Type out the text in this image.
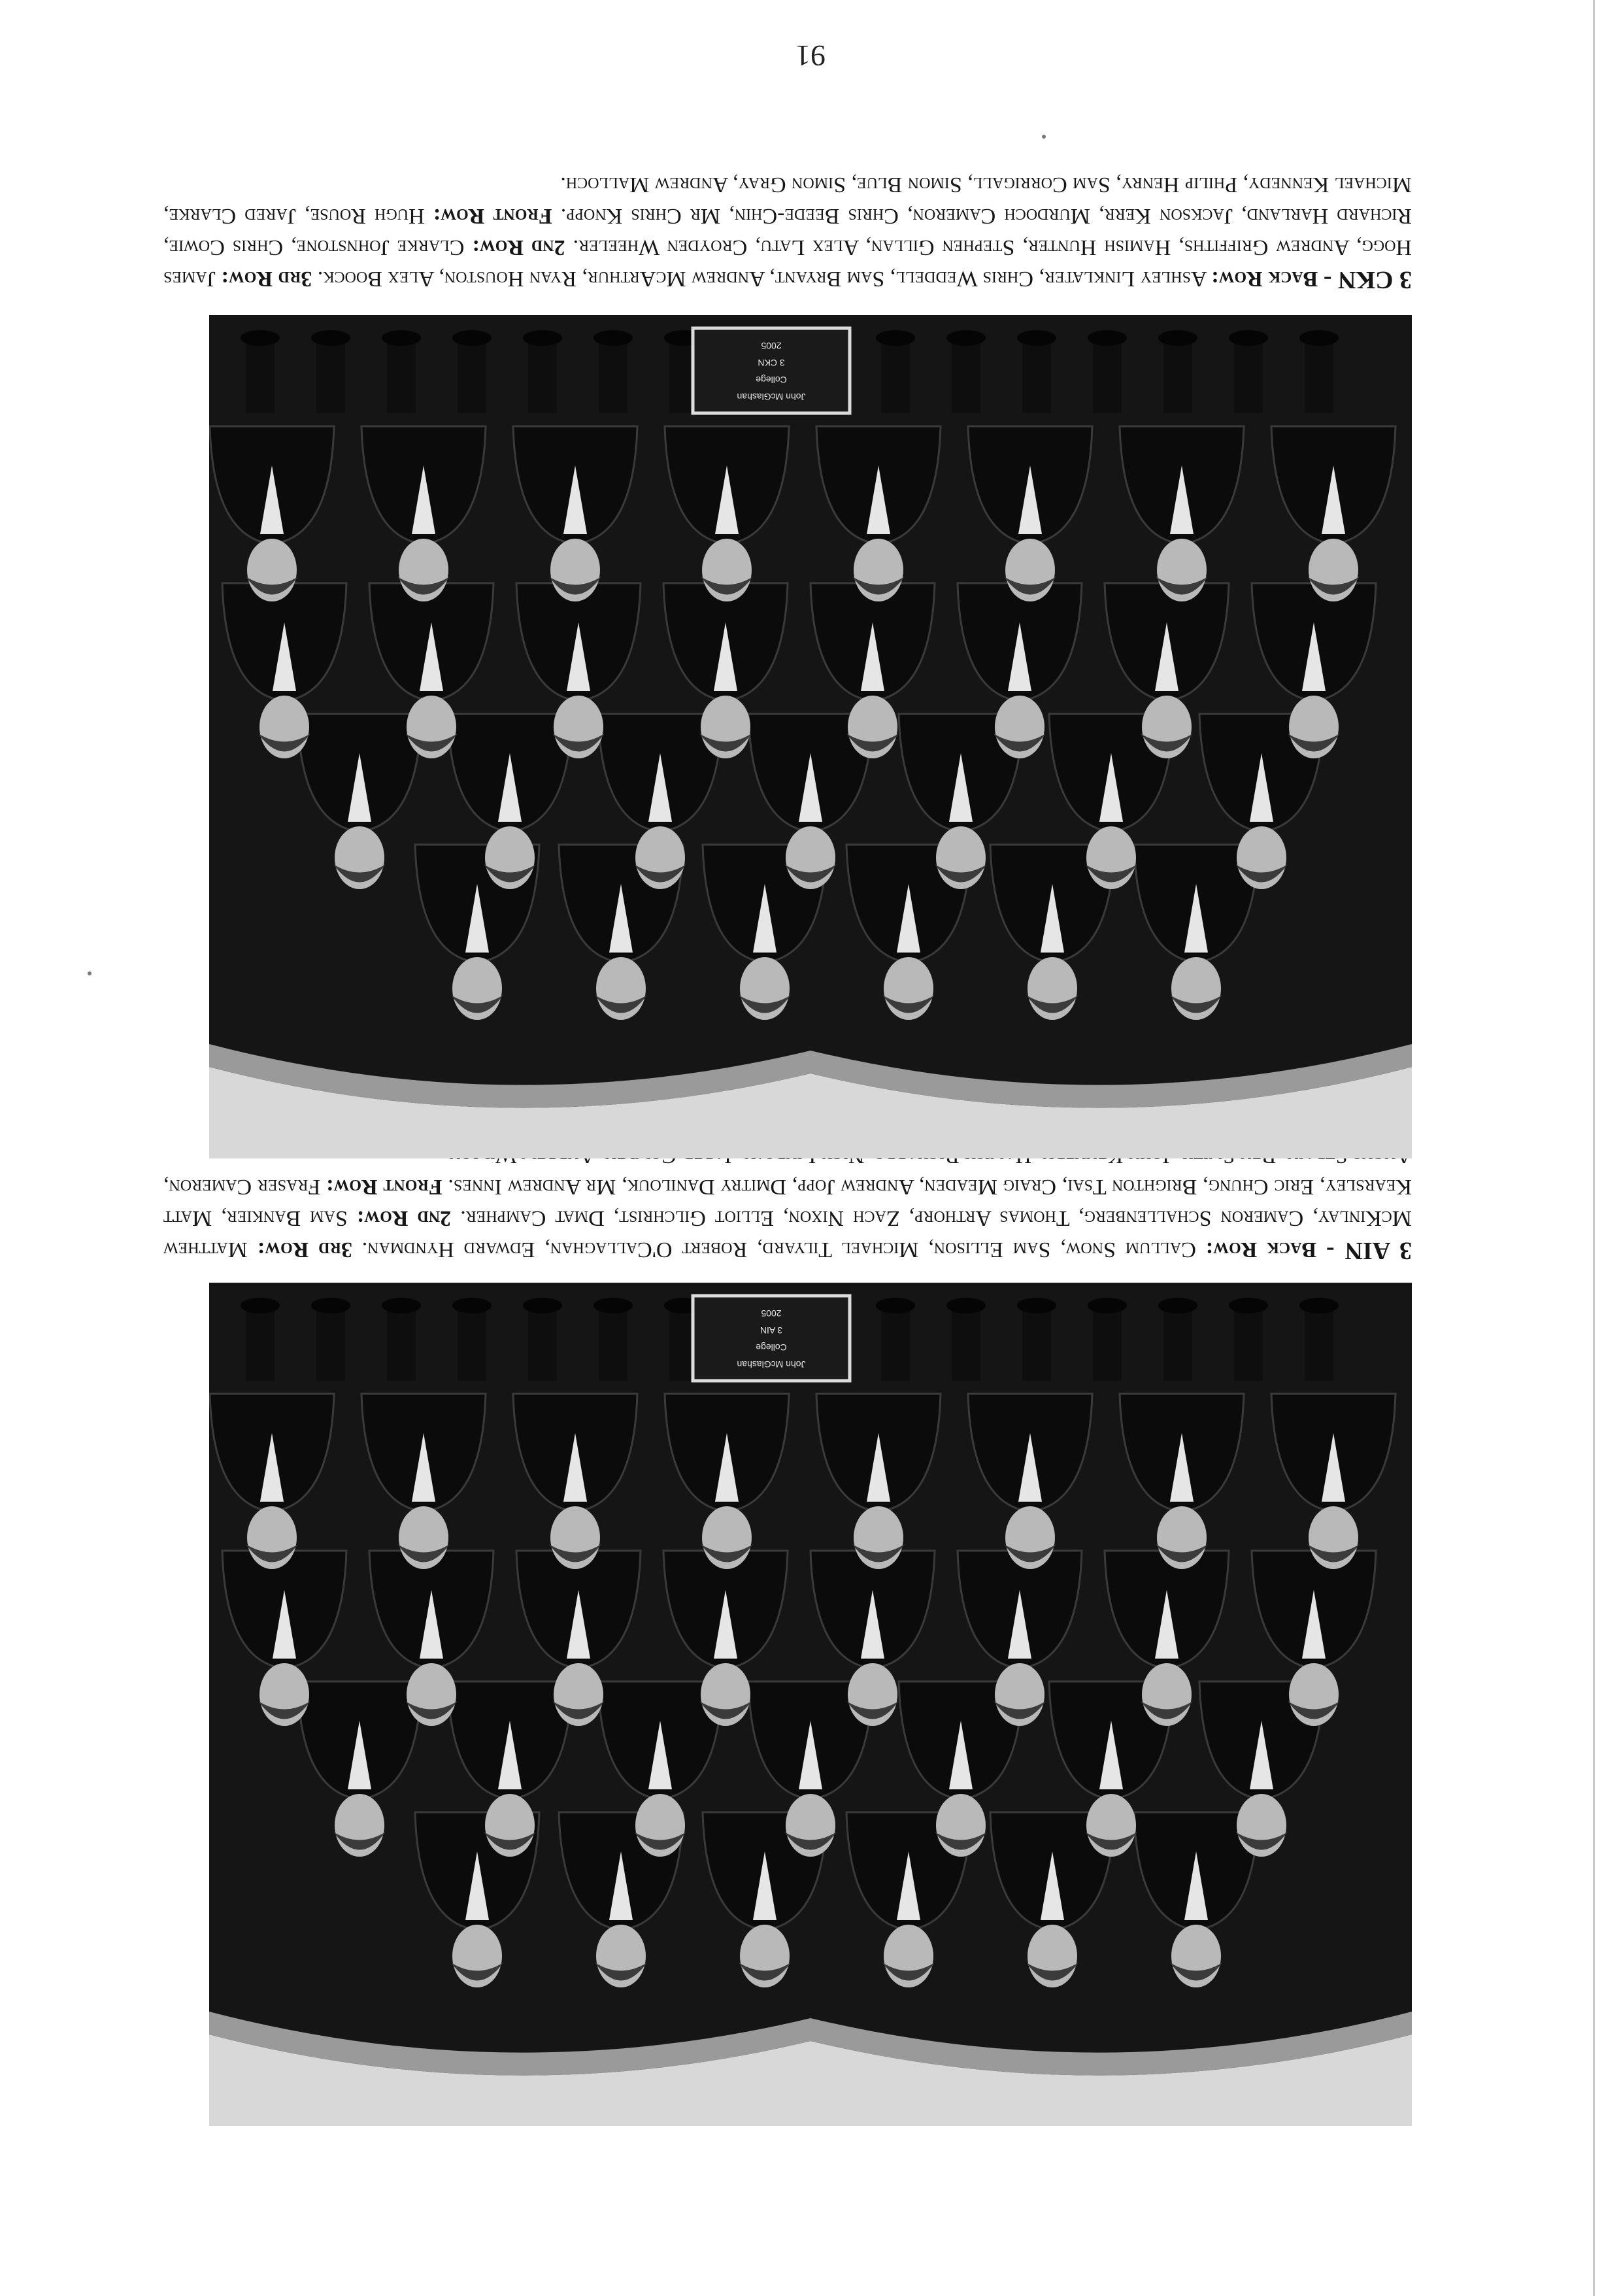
John McGlashan
College
3 AIN
2005
3 AIN - Back Row: Callum Snow, Sam Ellison, Michael Tilyard, Robert O'Callaghan, Edward Hyndman. 3rd Row: Matthew McKinlay, Cameron Schallenberg, Thomas Arthorp, Zach Nixon, Elliot Gilchrist, Dmat Campher. 2nd Row: Sam Bankier, Matt Kearsley, Eric Chung, Brighton Tsai, Craig Meaden, Andrew Jopp, Dmitry Danilouk, Mr Andrew Innes. Front Row: Fraser Cameron,
John McGlashan
College
3 CKN
2005
3 CKN - Back Row: Ashley Linklater, Chris Weddell, Sam Bryant, Andrew McArthur, Ryan Houston, Alex Boock. 3rd Row: James Hogg, Andrew Griffiths, Hamish Hunter, Stephen Gillan, Alex Latu, Croyden Wheeler. 2nd Row: Clarke Johnstone, Chris Cowie, Richard Harland, Jackson Kerr, Murdoch Cameron, Chris Beede-Chin, Mr Chris Knopp. Front Row: Hugh Rouse, Jared Clarke, Michael Kennedy, Philip Henry, Sam Corrigall, Simon Blue, Simon Gray, Andrew Malloch.
91
